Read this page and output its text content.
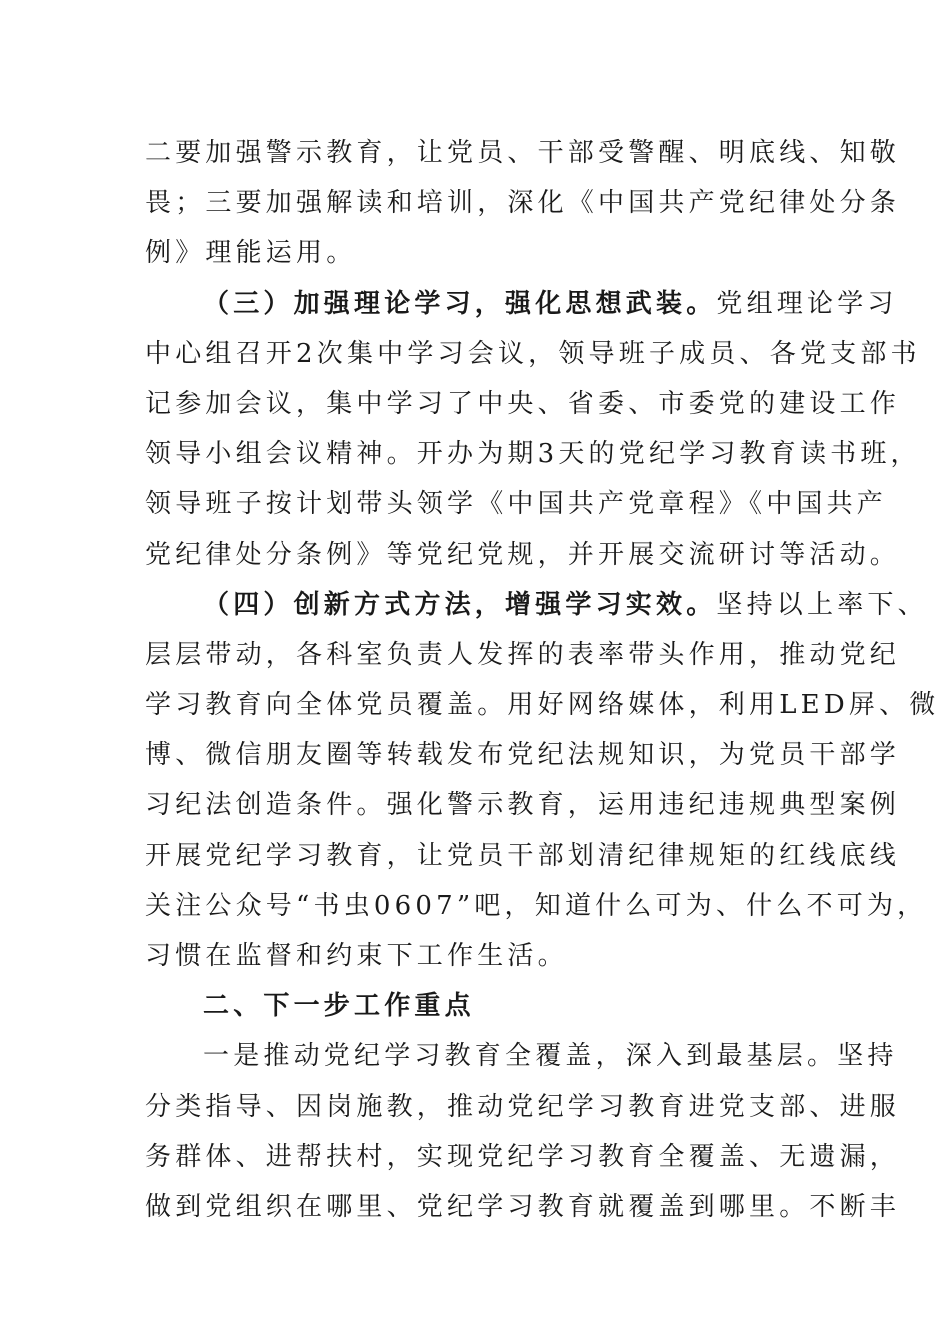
二要加强警示教育，让党员、干部受警醒、明底线、知敬
畏；三要加强解读和培训，深化《中国共产党纪律处分条
例》理能运用。
（三）加强理论学习，强化思想武装。党组理论学习
中心组召开2次集中学习会议，领导班子成员、各党支部书
记参加会议，集中学习了中央、省委、市委党的建设工作
领导小组会议精神。开办为期3天的党纪学习教育读书班，
领导班子按计划带头领学《中国共产党章程》《中国共产
党纪律处分条例》等党纪党规，并开展交流研讨等活动。
（四）创新方式方法，增强学习实效。坚持以上率下、
层层带动，各科室负责人发挥的表率带头作用，推动党纪
学习教育向全体党员覆盖。用好网络媒体，利用LED屏、微
博、微信朋友圈等转载发布党纪法规知识，为党员干部学
习纪法创造条件。强化警示教育，运用违纪违规典型案例
开展党纪学习教育，让党员干部划清纪律规矩的红线底线
关注公众号“书虫0607”吧，知道什么可为、什么不可为，
习惯在监督和约束下工作生活。
二、下一步工作重点
一是推动党纪学习教育全覆盖，深入到最基层。坚持
分类指导、因岗施教，推动党纪学习教育进党支部、进服
务群体、进帮扶村，实现党纪学习教育全覆盖、无遗漏，
做到党组织在哪里、党纪学习教育就覆盖到哪里。不断丰
